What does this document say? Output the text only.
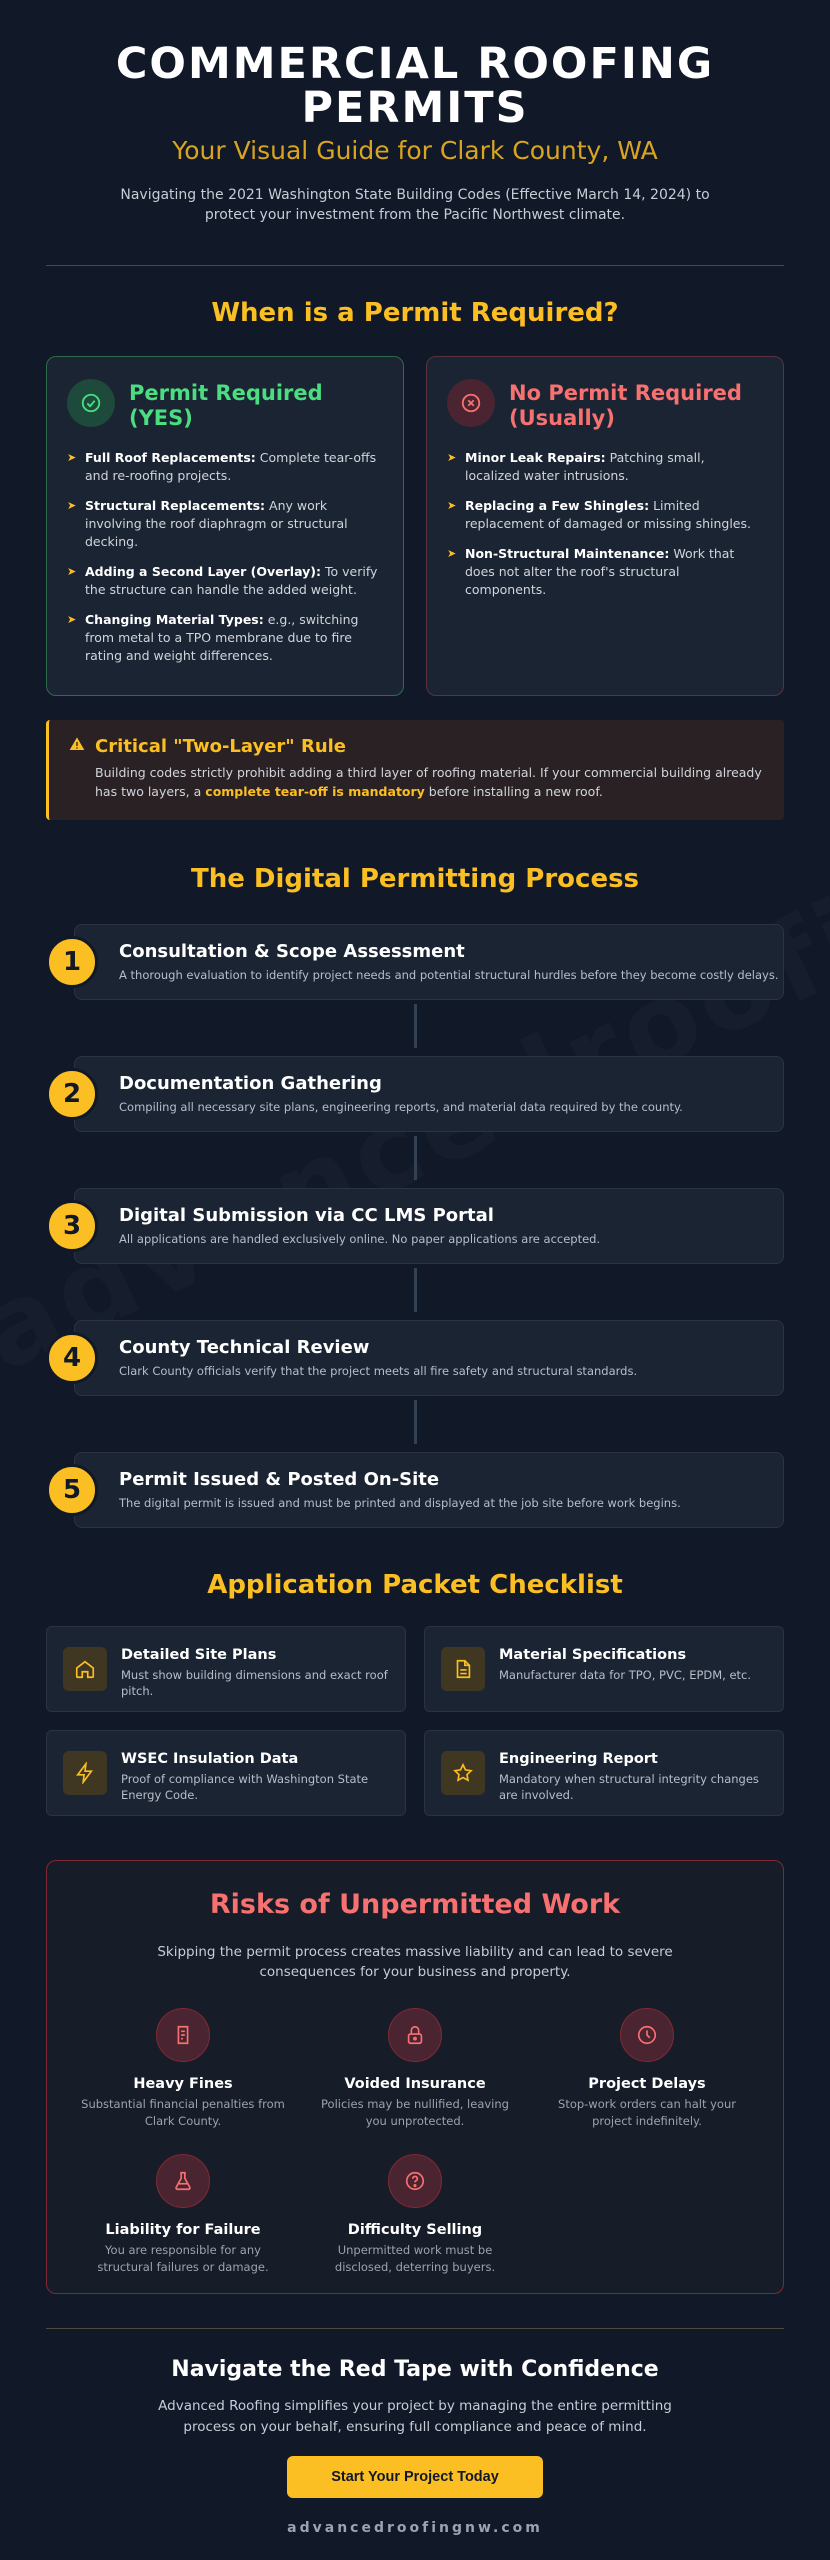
COMMERCIAL ROOFING PERMITS
Your Visual Guide for Clark County, WA
Navigating the 2021 Washington State Building Codes (Effective March 14, 2024) to protect your investment from the Pacific Northwest climate.
When is a Permit Required?
Permit Required (YES)
➤ Full Roof Replacements: Complete tear-offs and re-roofing projects.
➤ Structural Replacements: Any work involving the roof diaphragm or structural decking.
➤ Adding a Second Layer (Overlay): To verify the structure can handle the added weight.
➤ Changing Material Types: e.g., switching from metal to a TPO membrane due to fire rating and weight differences.
No Permit Required (Usually)
➤ Minor Leak Repairs: Patching small, localized water intrusions.
➤ Replacing a Few Shingles: Limited replacement of damaged or missing shingles.
➤ Non-Structural Maintenance: Work that does not alter the roof's structural components.
Critical "Two-Layer" Rule
Building codes strictly prohibit adding a third layer of roofing material. If your commercial building already has two layers, a complete tear-off is mandatory before installing a new roof.
The Digital Permitting Process
Consultation & Scope Assessment
A thorough evaluation to identify project needs and potential structural hurdles before they become costly delays.
1
Documentation Gathering
Compiling all necessary site plans, engineering reports, and material data required by the county.
2
Digital Submission via CC LMS Portal
All applications are handled exclusively online. No paper applications are accepted.
3
County Technical Review
Clark County officials verify that the project meets all fire safety and structural standards.
4
Permit Issued & Posted On-Site
The digital permit is issued and must be printed and displayed at the job site before work begins.
5
Application Packet Checklist
Detailed Site Plans
Must show building dimensions and exact roof pitch.
Material Specifications
Manufacturer data for TPO, PVC, EPDM, etc.
WSEC Insulation Data
Proof of compliance with Washington State Energy Code.
Engineering Report
Mandatory when structural integrity changes are involved.
Risks of Unpermitted Work
Skipping the permit process creates massive liability and can lead to severe consequences for your business and property.
Heavy Fines
Substantial financial penalties from Clark County.
Voided Insurance
Policies may be nullified, leaving you unprotected.
Project Delays
Stop-work orders can halt your project indefinitely.
Liability for Failure
You are responsible for any structural failures or damage.
Difficulty Selling
Unpermitted work must be disclosed, deterring buyers.
Navigate the Red Tape with Confidence

Advanced Roofing simplifies your project by managing the entire permitting process on your behalf, ensuring full compliance and peace of mind.

Start Your Project Today
advancedroofingnw.com
